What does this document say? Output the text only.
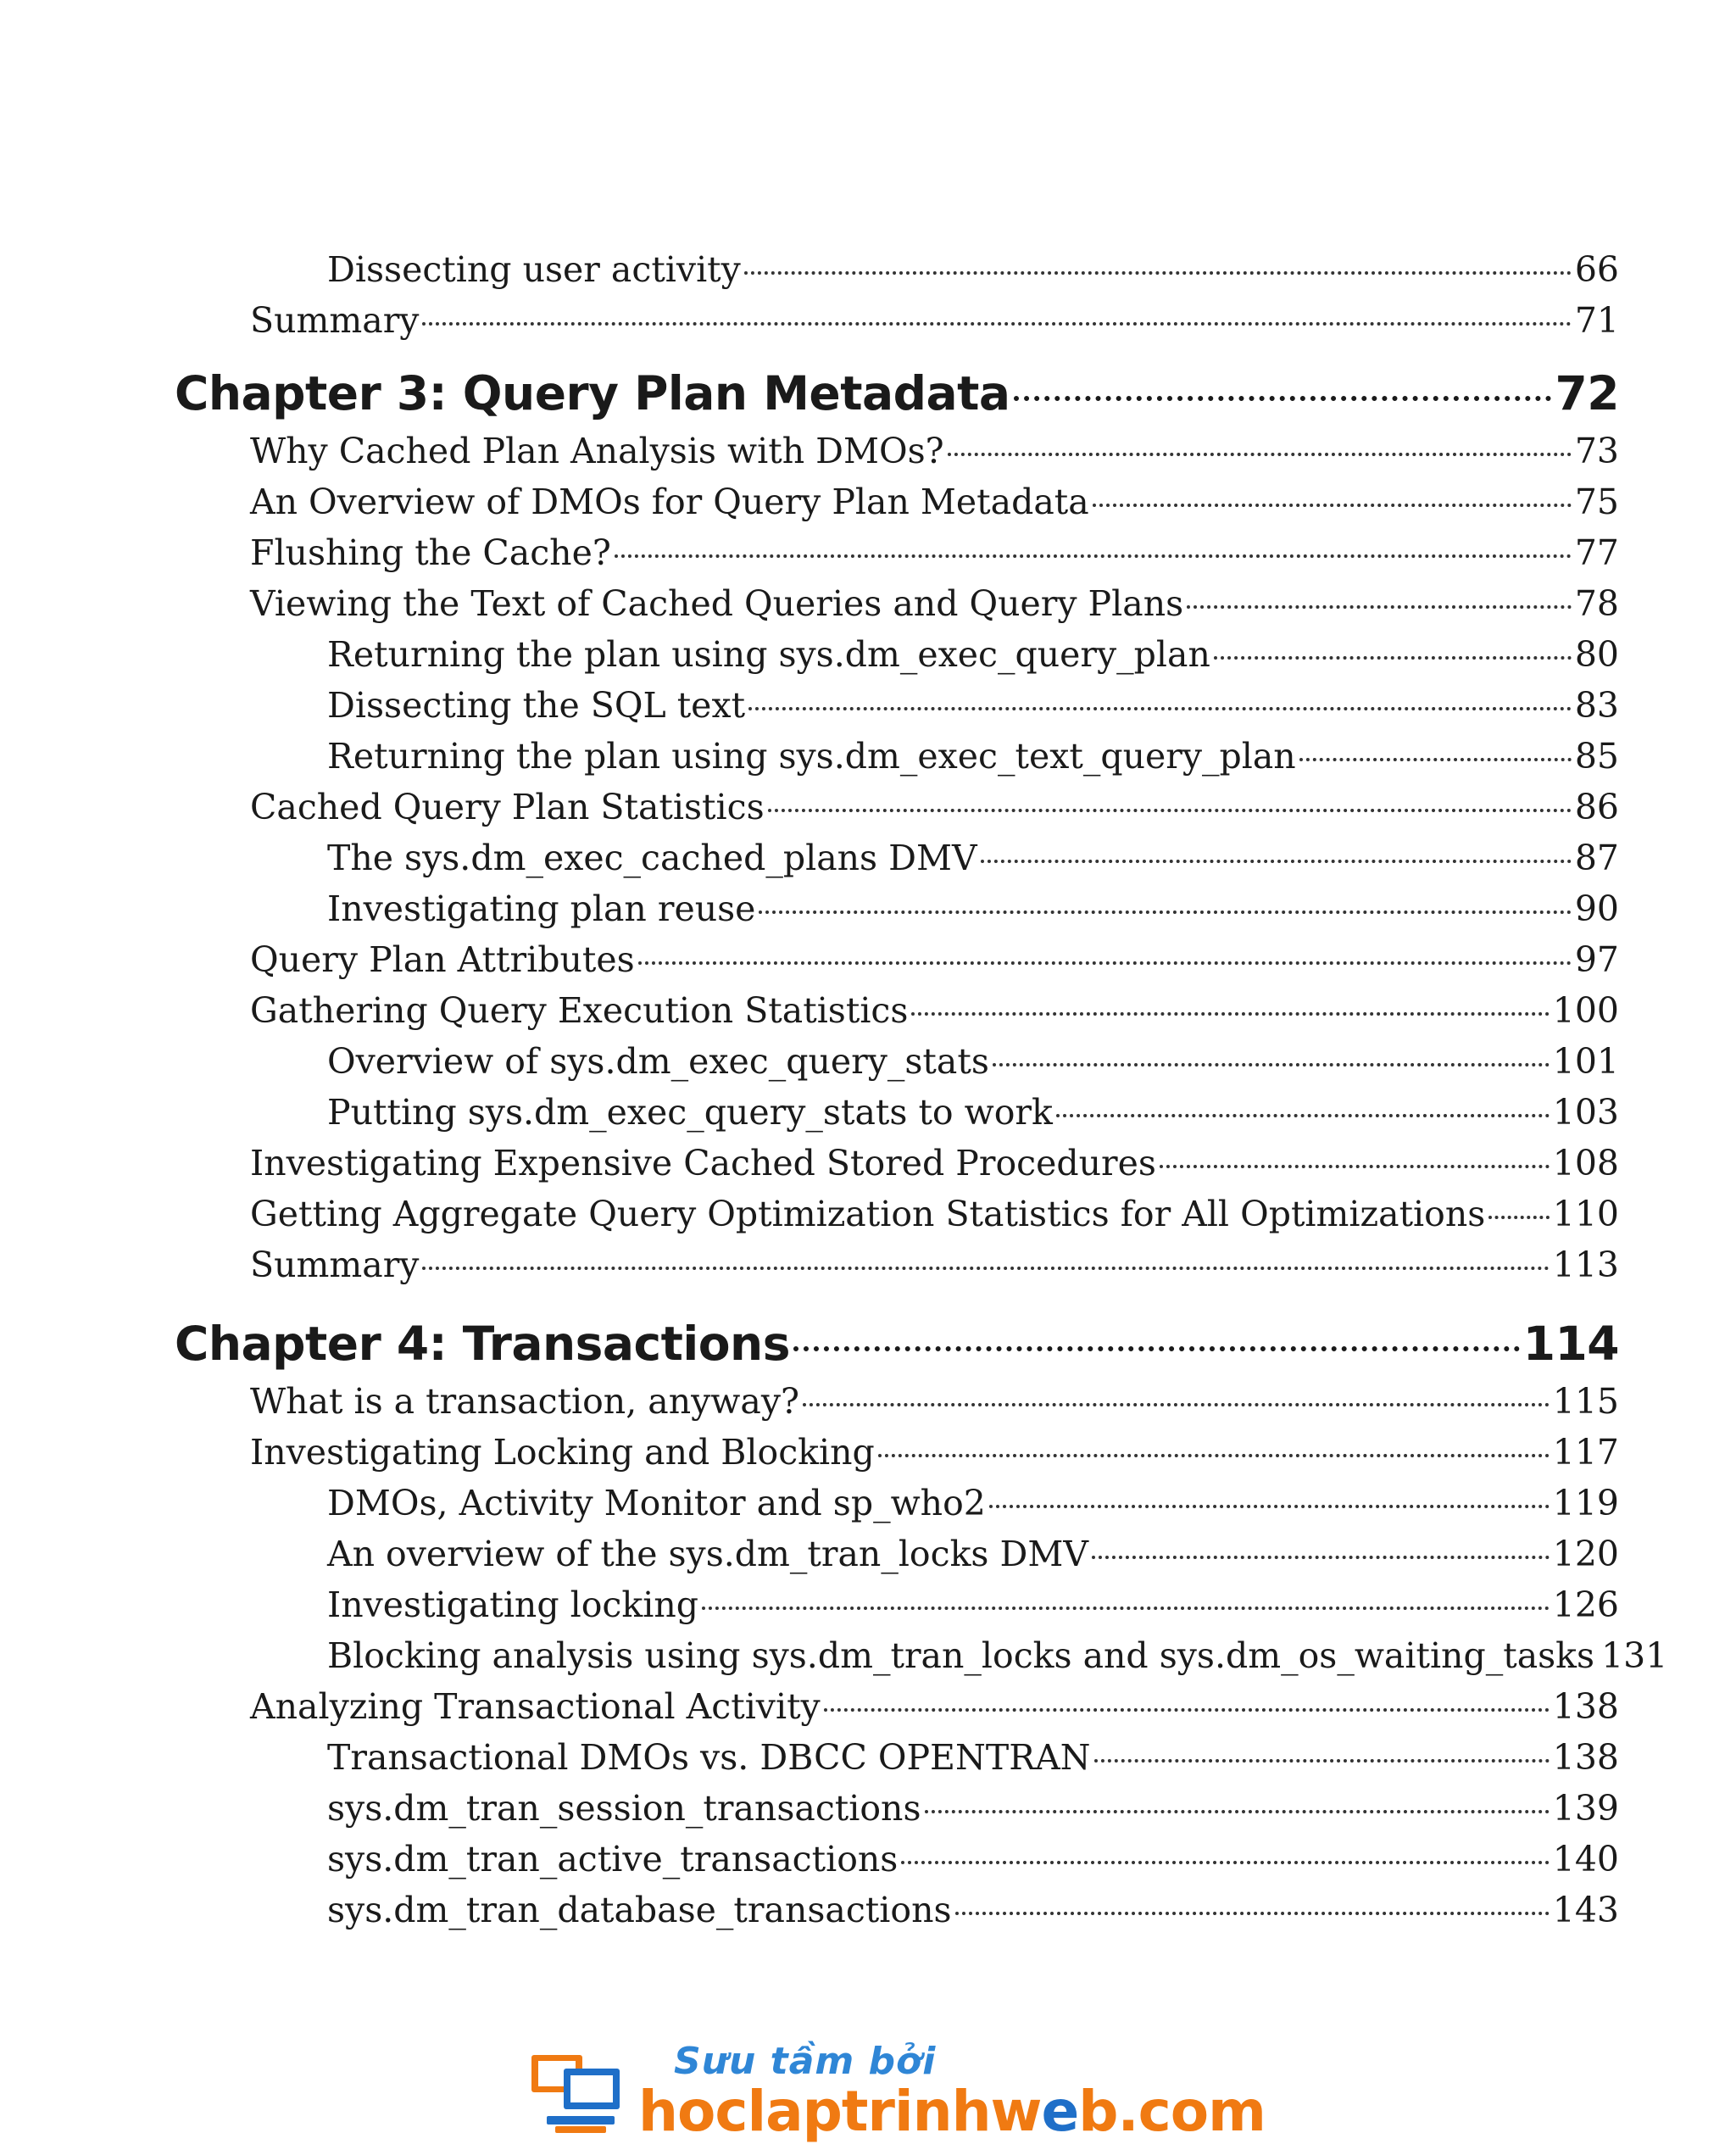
Dissecting user activity	66
Summary	71
Chapter 3: Query Plan Metadata	72
Why Cached Plan Analysis with DMOs?	73
An Overview of DMOs for Query Plan Metadata	75
Flushing the Cache?	77
Viewing the Text of Cached Queries and Query Plans	78
Returning the plan using sys.dm_exec_query_plan	80
Dissecting the SQL text	83
Returning the plan using sys.dm_exec_text_query_plan	85
Cached Query Plan Statistics	86
The sys.dm_exec_cached_plans DMV	87
Investigating plan reuse	90
Query Plan Attributes	97
Gathering Query Execution Statistics	100
Overview of sys.dm_exec_query_stats	101
Putting sys.dm_exec_query_stats to work	103
Investigating Expensive Cached Stored Procedures	108
Getting Aggregate Query Optimization Statistics for All Optimizations 110
Summary	113
Chapter 4: Transactions	114
What is a transaction, anyway?	115
Investigating Locking and Blocking	117
DMOs, Activity Monitor and sp_who2	119
An overview of the sys.dm_tran_locks DMV	120
Investigating locking	126
Blocking analysis using sys.dm_tran_locks and sys.dm_os_waiting_tasks 131
Analyzing Transactional Activity	138
Transactional DMOs vs. DBCC OPENTRAN	138
sys.dm_tran_session_transactions	139
sys.dm_tran_active_transactions	140
sys.dm_tran_database_transactions	143
Sưu tầm bởi
hoclaptrinhweb.com
